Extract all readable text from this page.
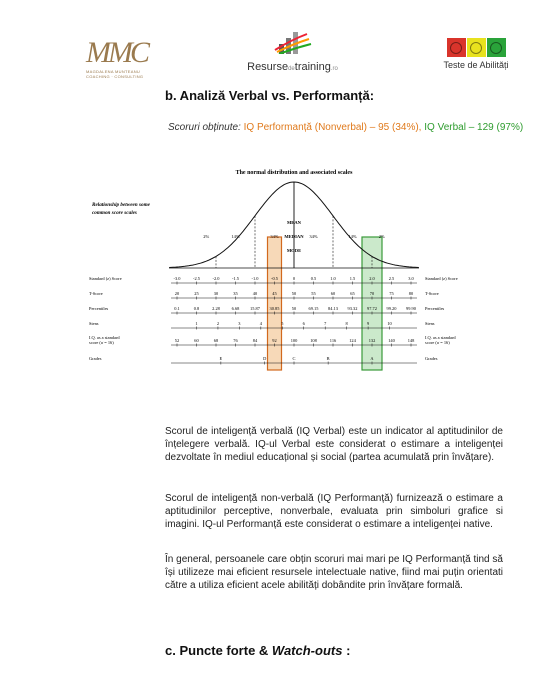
MMC
MAGDALENA MUNTEANU COACHING · CONSULTING
Resursedetraining.ro	Teste de Abilități
b. Analiză Verbal vs. Performanță:
Scoruri obținute: IQ Performanță (Nonverbal) – 95 (34%), IQ Verbal – 129 (97%)
The normal distribution and associated scales
Relationship between some
common score scales
2%	14%	34%	34%	14%	2%
MEAN
MEDIAN
MODE
Standard (z) Score	Standard (z) Score
-3.0	-2.5	-2.0	-1.5	-1.0	-0.5	0	0.5	1.0	1.5	2.0	2.5	3.0
T-Score	T-Score
20	25	30	35	40	45	50	55	60	65	70	75	80
Percentiles	Percentiles
0.1	0.8	2.28	6.68 15.87 30.85	50	69.15 84.13 93.32 97.72 99.20 99.90
Stens	Stens
1	2	3	4	5	6	7	8	9	10
I.Q. as a standard score (σ = 16)
I.Q. as a standard score (σ = 16)
52	60	68	76	84	92	100	108	116	124	132	140	148
Grades	Grades
E	D	C	B	A
Scorul de inteligență verbală (IQ Verbal) este un indicator al aptitudinilor de înțelegere verbală. IQ-ul Verbal este considerat o estimare a inteligenței dezvoltate în mediul educațional și social (partea acumulată prin învățare).
Scorul de inteligență non-verbală (IQ Performanță) furnizează o estimare a aptitudinilor perceptive, nonverbale, evaluata prin simboluri grafice si imagini. IQ-ul Performanță este considerat o estimare a inteligenței native.
În general, persoanele care obțin scoruri mai mari pe IQ Performanță tind să își utilizeze mai eficient resursele intelectuale native, fiind mai puțin orientati către a utiliza eficient acele abilități dobândite prin învățare formală.
c. Puncte forte & Watch-outs :
